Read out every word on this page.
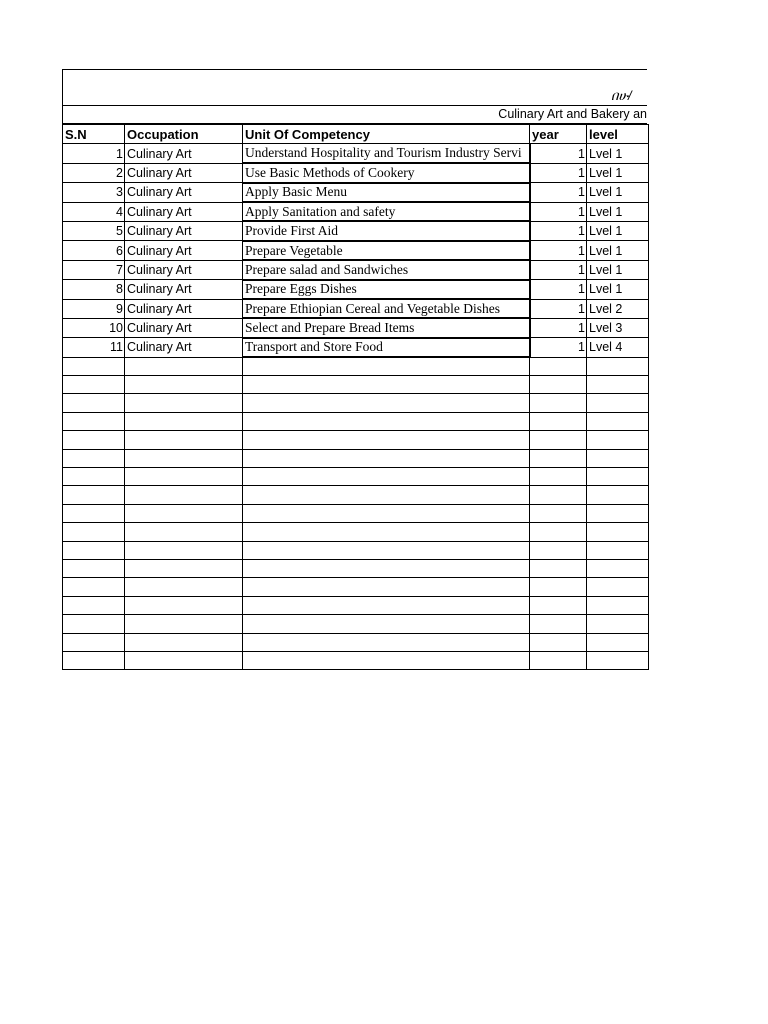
በሁ/
Culinary Art and Bakery an
S.N	Occupation	Unit Of Competency	year	level
1	Culinary Art	Understand Hospitality and Tourism Industry Servi	1	Lvel 1
2	Culinary Art	Use Basic Methods of Cookery	1	Lvel 1
3	Culinary Art	Apply Basic Menu	1	Lvel 1
4	Culinary Art	Apply Sanitation and safety	1	Lvel 1
5	Culinary Art	Provide First Aid	1	Lvel 1
6	Culinary Art	Prepare Vegetable	1	Lvel 1
7	Culinary Art	Prepare salad and Sandwiches	1	Lvel 1
8	Culinary Art	Prepare Eggs Dishes	1	Lvel 1
9	Culinary Art	Prepare Ethiopian Cereal and Vegetable Dishes	1	Lvel 2
10	Culinary Art	Select and Prepare Bread Items	1	Lvel 3
11	Culinary Art	Transport and Store Food	1	Lvel 4
